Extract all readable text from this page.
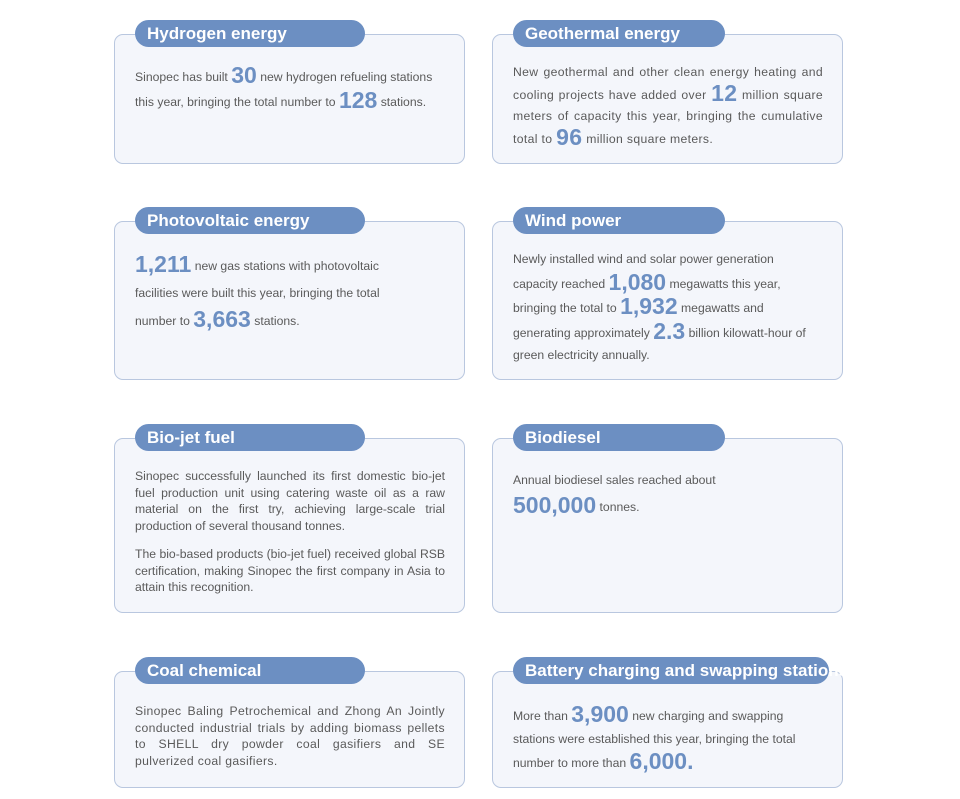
Hydrogen energy
Sinopec has built 30 new hydrogen refueling stations this year, bringing the total number to 128 stations.
Geothermal energy
New geothermal and other clean energy heating and cooling projects have added over 12 million square meters of capacity this year, bringing the cumulative total to 96 million square meters.
Photovoltaic energy
1,211 new gas stations with photovoltaic facilities were built this year, bringing the total number to 3,663 stations.
Wind power
Newly installed wind and solar power generation capacity reached 1,080 megawatts this year, bringing the total to 1,932 megawatts and generating approximately 2.3 billion kilowatt-hour of green electricity annually.
Bio-jet fuel
Sinopec successfully launched its first domestic bio-jet fuel production unit using catering waste oil as a raw material on the first try, achieving large-scale trial production of several thousand tonnes.
The bio-based products (bio-jet fuel) received global RSB certification, making Sinopec the first company in Asia to attain this recognition.
Biodiesel
Annual biodiesel sales reached about 500,000 tonnes.
Coal chemical
Sinopec Baling Petrochemical and Zhong An Jointly conducted industrial trials by adding biomass pellets to SHELL dry powder coal gasifiers and SE pulverized coal gasifiers.
Battery charging and swapping stations
More than 3,900 new charging and swapping stations were established this year, bringing the total number to more than 6,000.
